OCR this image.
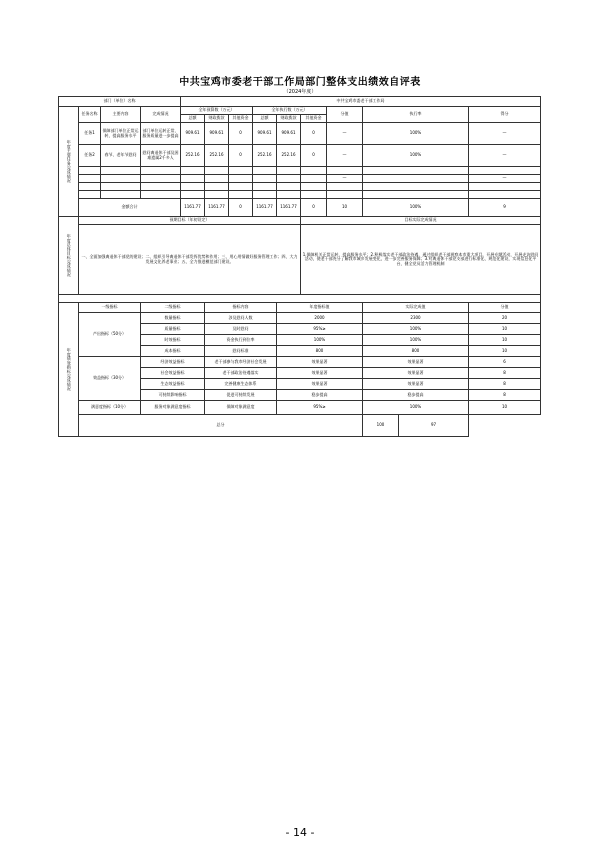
中共宝鸡市委老干部工作局部门整体支出绩效自评表
（2024年度）
部门（单位）名称				中共宝鸡市委老干部工作局										
年度主要任务完成情况	任务名称	主要内容	完成情况	全年预算数（万元）			全年执行数（万元）			分值	执行率		得分	
				总额	财政拨款	其他资金	总额	财政拨款	其他资金					
	任务1	保障部门单位正常运转，提高服务水平	部门单位运转正常，服务质量进一步提高	909.61	909.61	0	909.61	909.61	0	—	100%		—	
	任务2	春节、老年节慰问	慰问离退休干部及困难遗属2千多人	252.16	252.16	0	252.16	252.16	0	—	100%		—	

										—			—	

	金额合计			1161.77	1161.77	0	1161.77	1161.77	0	10	100%		9	
年度总体目标完成情况	预期目标（年初设定）								目标实际完成情况					
	一、全面加强离退休干部党的建设；二、组织引导离退休干部发挥优势和作用；三、用心用情做好服务管理工作；四、大力发展文化养老事业；五、全力推进模范部门建设。								1.保障机关正常运转，提高服务水平；2.积极落实老干部政治待遇，通过组织老干部视察本市重大项目、开展专题活动，开展走访慰问活动，使老干部充分了解我市城乡发展变化，进一步完善服务保障；3.对离退休干部党支部进行标准化、规范化建设，实现信息化平台，健全党员活力管理机制					

年度绩效指标完成情况	一级指标		二级指标		指标内容			年度指标值			实际完成值		分值	
	产出指标（50分）		数量指标		涉及慰问人数			2000			2300		20	
			质量指标		及时慰问			95%≥			100%		10	
			时效指标		资金执行到位率			100%			100%		10	
			成本指标		慰问标准			800			800		10	
	效益指标（30分）		经济效益指标		老干部参与我市经济社会发展			效果显著			效果显著		6	
			社会效益指标		老干部政治待遇落实			效果显著			效果显著		8	
			生态效益指标		完善健康生态体系			效果显著			效果显著		8	
			可持续影响指标		促进可持续发展			稳步提高			稳步提高		8	
	满意度指标（10分）		服务对象满意度指标		保障对象满意度			95%≥			100%		10	
	总分										100	97		
- 14 -
